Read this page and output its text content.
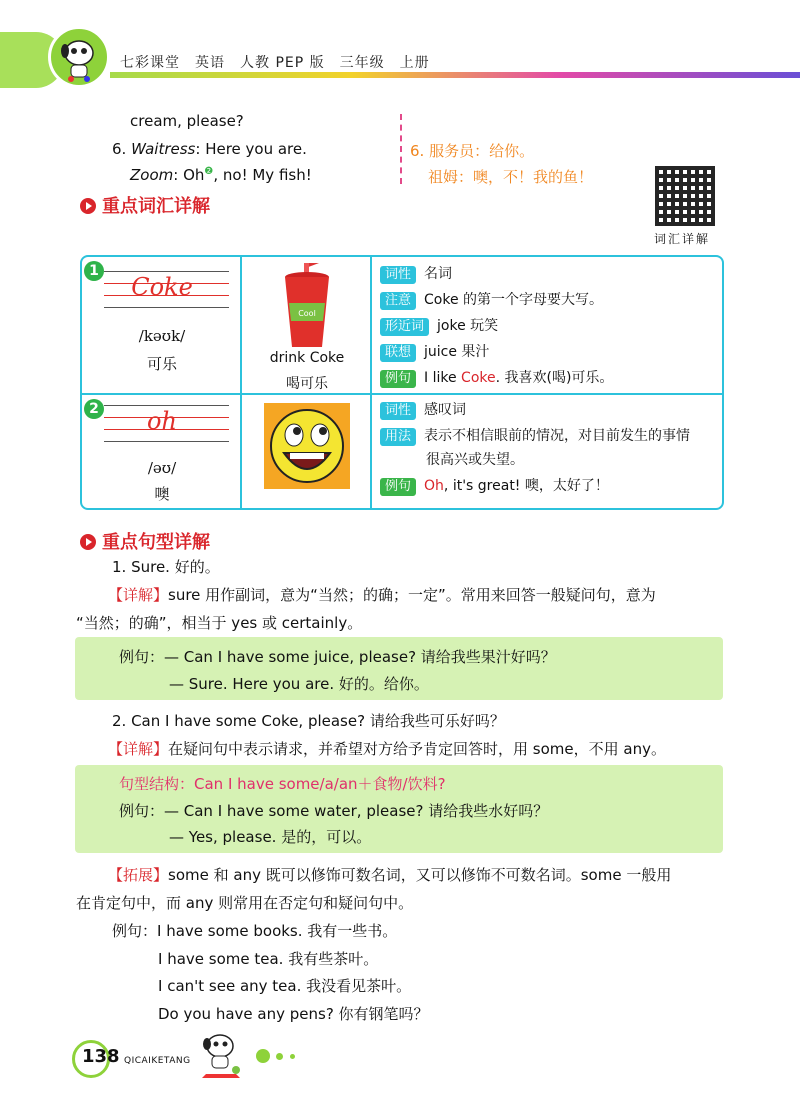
七彩课堂　英语　人教 PEP 版　三年级　上册
cream, please?
6. Waitress: Here you are.
Zoom: $Oh^❷$, no! My fish!
6. 服务员：给你。
祖姆：噢，不！我的鱼！
词汇详解
重点词汇详解
1
Coke
/kəʊk/
可乐
Cool
drink Coke
喝可乐
词性 名词
注意 Coke 的第一个字母要大写。
形近词 joke 玩笑
联想 juice 果汁
例句 I like Coke. 我喜欢(喝)可乐。
2	oh
/əʊ/
噢
词性 感叹词
用法 表示不相信眼前的情况，对目前发生的事情
很高兴或失望。
例句 Oh, it's great! 噢，太好了！
重点句型详解
1. Sure. 好的。
【详解】sure 用作副词，意为“当然；的确；一定”。常用来回答一般疑问句，意为
“当然；的确”，相当于 yes 或 certainly。
例句：— Can I have some juice, please? 请给我些果汁好吗？
— Sure. Here you are. 好的。给你。
2. Can I have some Coke, please? 请给我些可乐好吗？
【详解】在疑问句中表示请求，并希望对方给予肯定回答时，用 some，不用 any。
句型结构：Can I have some/a/an＋食物/饮料?
例句：— Can I have some water, please? 请给我些水好吗？
— Yes, please. 是的，可以。
【拓展】some 和 any 既可以修饰可数名词，又可以修饰不可数名词。some 一般用
在肯定句中，而 any 则常用在否定句和疑问句中。
例句：I have some books. 我有一些书。
I have some tea. 我有些茶叶。
I can't see any tea. 我没看见茶叶。
Do you have any pens? 你有钢笔吗？
138 QICAIKETANG
